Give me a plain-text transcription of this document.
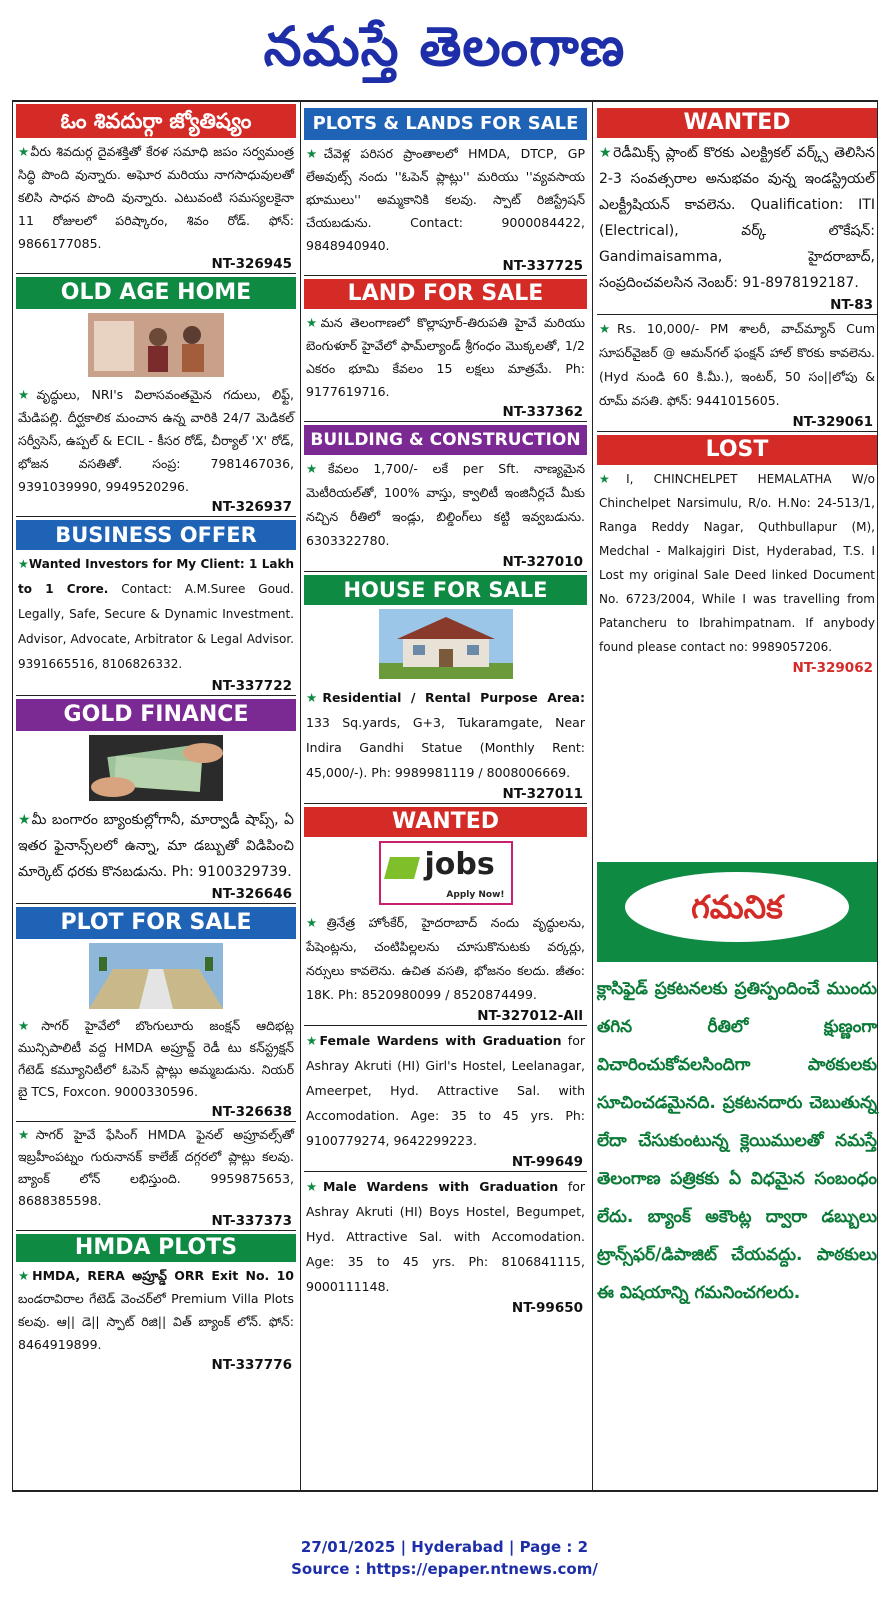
నమస్తే తెలంగాణ
ఓం శివదుర్గా జ్యోతిష్యం
★వీరు శివదుర్గ దైవశక్తితో కేరళ సమాధి జపం సర్వమంత్ర సిద్ధి పొంది వున్నారు. అఘోర మరియు నాగసాధువులతో కలిసి సాధన పొంది వున్నారు. ఎటువంటి సమస్యలకైనా 11 రోజులలో పరిష్కారం, శివం రోడ్. ఫోన్: 9866177085.
NT-326945
OLD AGE HOME
★వృద్ధులు, NRI's విలాసవంతమైన గదులు, లిఫ్ట్, మేడిపల్లి. దీర్ఘకాలిక మంచాన ఉన్న వారికి 24/7 మెడికల్ సర్వీసెస్, ఉప్పల్ & ECIL - కీసర రోడ్, చీర్యాల్ 'X' రోడ్, భోజన వసతితో. సంప్ర: 7981467036, 9391039990, 9949520296.
NT-326937
BUSINESS OFFER
★Wanted Investors for My Client: 1 Lakh to 1 Crore. Contact: A.M.Suree Goud. Legally, Safe, Secure & Dynamic Investment. Advisor, Advocate, Arbitrator & Legal Advisor. 9391665516, 8106826332.
NT-337722
GOLD FINANCE
★మీ బంగారం బ్యాంకుల్లోగానీ, మార్వాడీ షాప్స్, ఏ ఇతర ఫైనాన్స్‌లలో ఉన్నా, మా డబ్బుతో విడిపించి మార్కెట్ ధరకు కొనబడును. Ph: 9100329739.
NT-326646
PLOT FOR SALE
★సాగర్ హైవేలో బొంగులూరు జంక్షన్ ఆదిభట్ల మున్సిపాలిటీ వద్ద HMDA అప్రూవ్డ్ రెడీ టు కన్‌స్ట్రక్షన్ గేటెడ్ కమ్యూనిటీలో ఓపెన్ ప్లాట్లు అమ్మబడును. నియర్ బై TCS, Foxcon. 9000330596.
NT-326638
★సాగర్ హైవే ఫేసింగ్ HMDA ఫైనల్ అప్రూవల్స్‌తో ఇబ్రహీంపట్నం గురునానక్ కాలేజ్ దగ్గరలో ప్లాట్లు కలవు. బ్యాంక్ లోన్ లభిస్తుంది. 9959875653, 8688385598.
NT-337373
HMDA PLOTS
★HMDA, RERA అప్రూవ్డ్ ORR Exit No. 10 బండరావిరాల గేటెడ్ వెంచర్‌లో Premium Villa Plots కలవు. ఆ|| డె|| స్పాట్ రిజి|| విత్ బ్యాంక్ లోన్. ఫోన్: 8464919899.
NT-337776
PLOTS & LANDS FOR SALE
★చేవెళ్ల పరిసర ప్రాంతాలలో HMDA, DTCP, GP లేఅవుట్స్ నందు ''ఓపెన్ ప్లాట్లు'' మరియు ''వ్యవసాయ భూములు'' అమ్మకానికి కలవు. స్పాట్ రిజిస్ట్రేషన్ చేయబడును. Contact: 9000084422, 9848940940.
NT-337725
LAND FOR SALE
★మన తెలంగాణలో కొల్లాపూర్-తిరుపతి హైవే మరియు బెంగుళూర్ హైవేలో ఫామ్‌ల్యాండ్ శ్రీగంధం మొక్కలతో, 1/2 ఎకరం భూమి కేవలం 15 లక్షలు మాత్రమే. Ph: 9177619716.
NT-337362
BUILDING & CONSTRUCTION
★కేవలం 1,700/- లకే per Sft. నాణ్యమైన మెటీరియల్‌తో, 100% వాస్తు, క్వాలిటీ ఇంజినీర్లచే మీకు నచ్చిన రీతిలో ఇండ్లు, బిల్డింగ్‌లు కట్టి ఇవ్వబడును. 6303322780.
NT-327010
HOUSE FOR SALE
★Residential / Rental Purpose Area: 133 Sq.yards, G+3, Tukaramgate, Near Indira Gandhi Statue (Monthly Rent: 45,000/-). Ph: 9989981119 / 8008006669.
NT-327011
WANTED
jobs
Apply Now!
★త్రినేత్ర హోంకేర్, హైదరాబాద్ నందు వృద్ధులను, పేషెంట్లను, చంటిపిల్లలను చూసుకొనుటకు వర్కర్లు, నర్సులు కావలెను. ఉచిత వసతి, భోజనం కలదు. జీతం: 18K. Ph: 8520980099 / 8520874499.
NT-327012-All
★Female Wardens with Graduation for Ashray Akruti (HI) Girl's Hostel, Leelanagar, Ameerpet, Hyd. Attractive Sal. with Accomodation. Age: 35 to 45 yrs. Ph: 9100779274, 9642299223.
NT-99649
★Male Wardens with Graduation for Ashray Akruti (HI) Boys Hostel, Begumpet, Hyd. Attractive Sal. with Accomodation. Age: 35 to 45 yrs. Ph: 8106841115, 9000111148.
NT-99650
WANTED
★రెడీమిక్స్ ప్లాంట్ కొరకు ఎలక్ట్రికల్ వర్క్స్ తెలిసిన 2-3 సంవత్సరాల అనుభవం వున్న ఇండస్ట్రియల్ ఎలక్ట్రీషియన్ కావలెను. Qualification: ITI (Electrical), వర్క్ లొకేషన్: Gandimaisamma, హైదరాబాద్, సంప్రదించవలసిన నెంబర్: 91-8978192187.
NT-83
★Rs. 10,000/- PM శాలరీ, వాచ్‌మ్యాన్ Cum సూపర్‌వైజర్ @ ఆమన్‌గల్ ఫంక్షన్ హాల్ కొరకు కావలెను. (Hyd నుండి 60 కి.మీ.), ఇంటర్, 50 సం||లోపు & రూమ్ వసతి. ఫోన్: 9441015605.
NT-329061
LOST
★I, CHINCHELPET HEMALATHA W/o Chinchelpet Narsimulu, R/o. H.No: 24-513/1, Ranga Reddy Nagar, Quthbullapur (M), Medchal - Malkajgiri Dist, Hyderabad, T.S. I Lost my original Sale Deed linked Document No. 6723/2004, While I was travelling from Patancheru to Ibrahimpatnam. If anybody found please contact no: 9989057206.
NT-329062
గమనిక
క్లాసిఫైడ్ ప్రకటనలకు ప్రతిస్పందించే ముందు తగిన రీతిలో క్షుణ్ణంగా విచారించుకోవలసిందిగా పాఠకులకు సూచించడమైనది. ప్రకటనదారు చెబుతున్న లేదా చేసుకుంటున్న క్లెయిములతో నమస్తే తెలంగాణ పత్రికకు ఏ విధమైన సంబంధం లేదు. బ్యాంక్ అకౌంట్ల ద్వారా డబ్బులు ట్రాన్స్‌ఫర్/డిపాజిట్ చేయవద్దు. పాఠకులు ఈ విషయాన్ని గమనించగలరు.
27/01/2025 | Hyderabad | Page : 2
Source : https://epaper.ntnews.com/
